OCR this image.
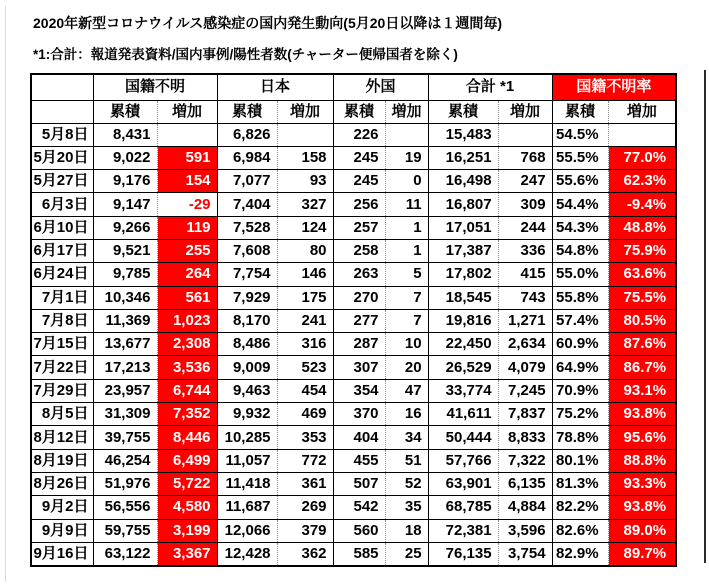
2020年新型コロナウイルス感染症の国内発生動向(5月20日以降は１週間毎)
*1:合計：報道発表資料/国内事例/陽性者数(チャーター便帰国者を除く)
	国籍不明		日本		外国		合計 *1		国籍不明率	
	累積	増加	累積	増加	累積	増加	累積	増加	累積	増加
5月8日	8,431		6,826		226		15,483		54.5%	
5月20日	9,022	591	6,984	158	245	19	16,251	768	55.5%	77.0%
5月27日	9,176	154	7,077	93	245	0	16,498	247	55.6%	62.3%
6月3日	9,147	-29	7,404	327	256	11	16,807	309	54.4%	-9.4%
6月10日	9,266	119	7,528	124	257	1	17,051	244	54.3%	48.8%
6月17日	9,521	255	7,608	80	258	1	17,387	336	54.8%	75.9%
6月24日	9,785	264	7,754	146	263	5	17,802	415	55.0%	63.6%
7月1日	10,346	561	7,929	175	270	7	18,545	743	55.8%	75.5%
7月8日	11,369	1,023	8,170	241	277	7	19,816	1,271	57.4%	80.5%
7月15日	13,677	2,308	8,486	316	287	10	22,450	2,634	60.9%	87.6%
7月22日	17,213	3,536	9,009	523	307	20	26,529	4,079	64.9%	86.7%
7月29日	23,957	6,744	9,463	454	354	47	33,774	7,245	70.9%	93.1%
8月5日	31,309	7,352	9,932	469	370	16	41,611	7,837	75.2%	93.8%
8月12日	39,755	8,446	10,285	353	404	34	50,444	8,833	78.8%	95.6%
8月19日	46,254	6,499	11,057	772	455	51	57,766	7,322	80.1%	88.8%
8月26日	51,976	5,722	11,418	361	507	52	63,901	6,135	81.3%	93.3%
9月2日	56,556	4,580	11,687	269	542	35	68,785	4,884	82.2%	93.8%
9月9日	59,755	3,199	12,066	379	560	18	72,381	3,596	82.6%	89.0%
9月16日	63,122	3,367	12,428	362	585	25	76,135	3,754	82.9%	89.7%
